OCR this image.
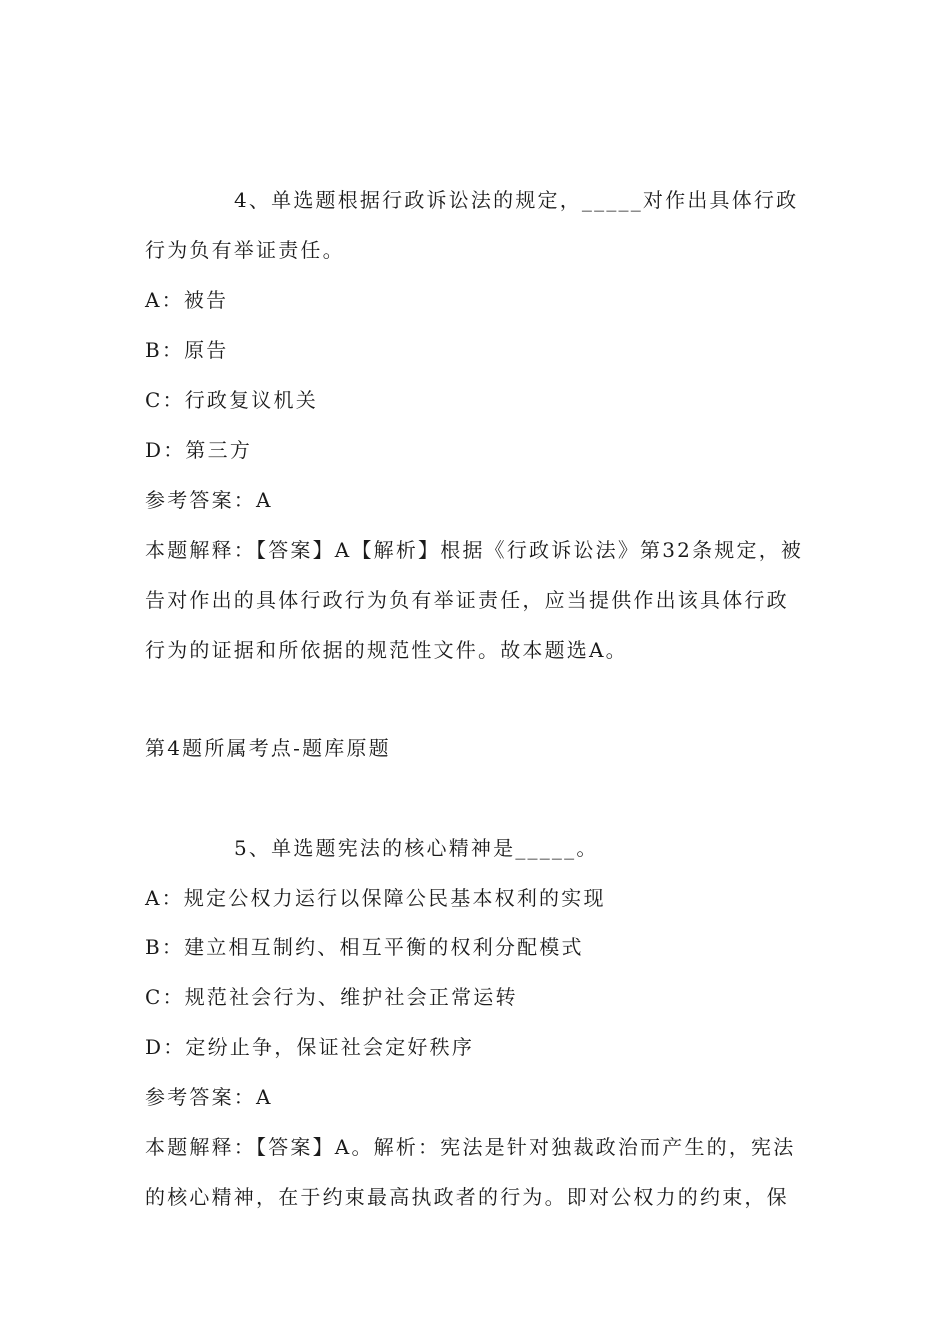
4、单选题根据行政诉讼法的规定，_____对作出具体行政
行为负有举证责任。
A：被告
B：原告
C：行政复议机关
D：第三方
参考答案：A
本题解释：【答案】A【解析】根据《行政诉讼法》第32条规定，被
告对作出的具体行政行为负有举证责任，应当提供作出该具体行政
行为的证据和所依据的规范性文件。故本题选A。
第4题所属考点-题库原题
5、单选题宪法的核心精神是_____。
A：规定公权力运行以保障公民基本权利的实现
B：建立相互制约、相互平衡的权利分配模式
C：规范社会行为、维护社会正常运转
D：定纷止争，保证社会定好秩序
参考答案：A
本题解释：【答案】A。解析：宪法是针对独裁政治而产生的，宪法
的核心精神，在于约束最高执政者的行为。即对公权力的约束，保
